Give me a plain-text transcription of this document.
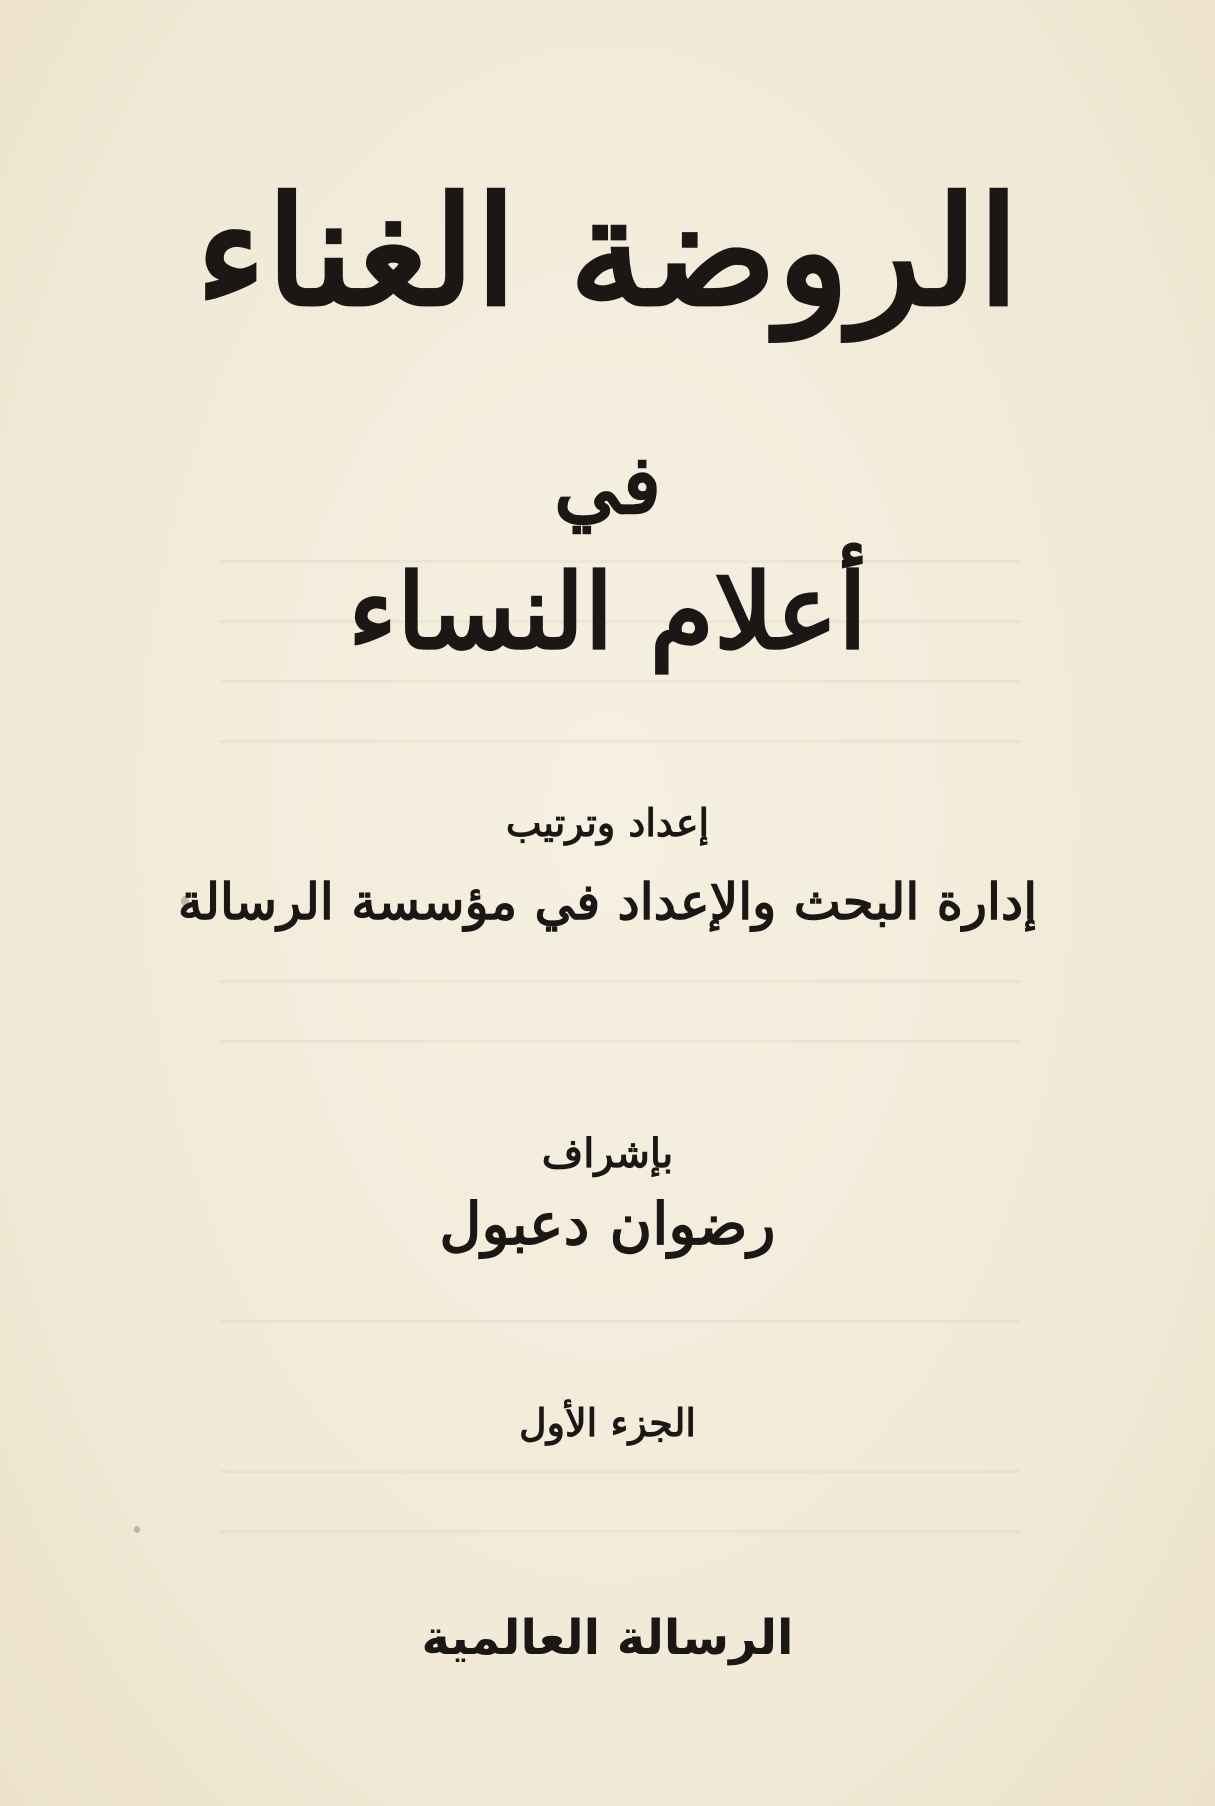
الروضة الغناء
في
أعلام النساء
إعداد وترتيب
إدارة البحث والإعداد في مؤسسة الرسالة
بإشراف
رضوان دعبول
الجزء الأول
الرسالة العالمية
